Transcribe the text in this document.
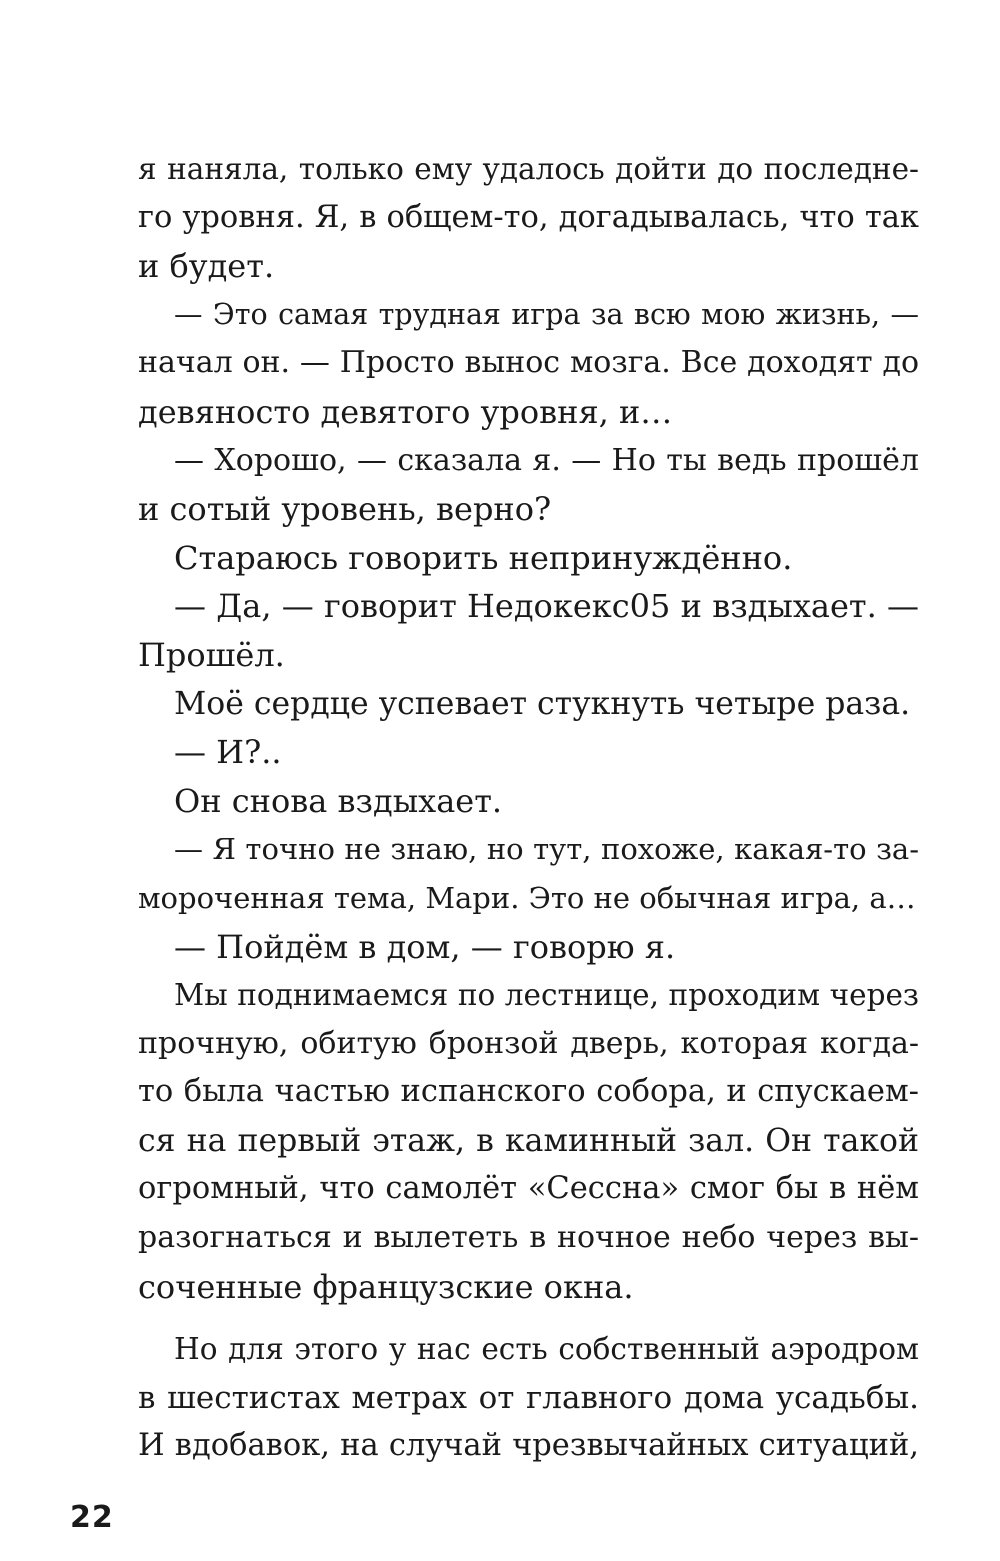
я наняла, только ему удалось дойти до последне-
го уровня. Я, в общем-то, догадывалась, что так
и будет.
— Это самая трудная игра за всю мою жизнь, —
начал он. — Просто вынос мозга. Все доходят до
девяносто девятого уровня, и…
— Хорошо, — сказала я. — Но ты ведь прошёл
и сотый уровень, верно?
Стараюсь говорить непринуждённо.
— Да, — говорит Недокекс05 и вздыхает. —
Прошёл.
Моё сердце успевает стукнуть четыре раза.
— И?..
Он снова вздыхает.
— Я точно не знаю, но тут, похоже, какая-то за-
мороченная тема, Мари. Это не обычная игра, а…
— Пойдём в дом, — говорю я.
Мы поднимаемся по лестнице, проходим через
прочную, обитую бронзой дверь, которая когда-
то была частью испанского собора, и спускаем-
ся на первый этаж, в каминный зал. Он такой
огромный, что самолёт «Сессна» смог бы в нём
разогнаться и вылететь в ночное небо через вы-
соченные французские окна.
Но для этого у нас есть собственный аэродром
в шестистах метрах от главного дома усадьбы.
И вдобавок, на случай чрезвычайных ситуаций,
22
